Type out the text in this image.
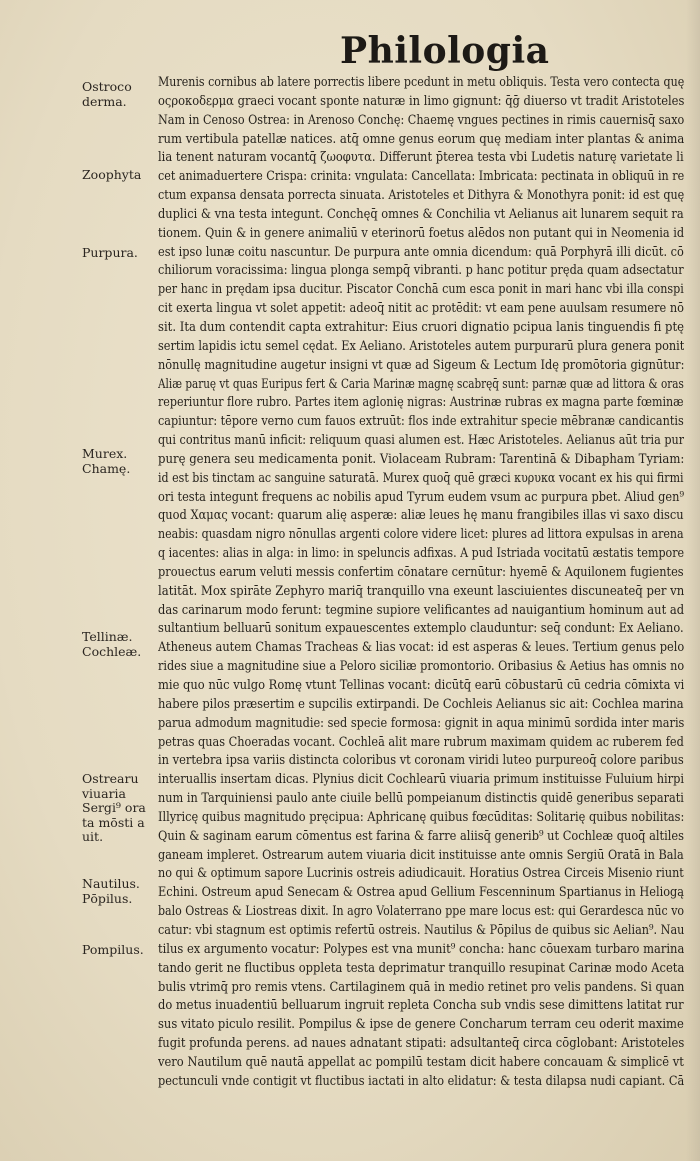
Philologia
Ostroco derma.
Zoophyta
Purpura.
Murex. Chamę.
Tellinæ. Cochleæ.
Ostrearu viuaria Sergi⁹ ora ta mōsti a uit.
Nautilus. Pōpilus.
Pompilus.
Murenis cornibus ab latere porrectis libere pcedunt in metu obliquis. Testa vero contecta quę
οςροκοδερμα graeci vocant sponte naturæ in limo gignunt: q̄ḡ diuerso vt tradit Aristoteles
Nam in Cenoso Ostrea: in Arenoso Conchę: Chaemę vngues pectines in rimis cauernisq̄ saxo
rum vertibula patellæ natices. atq̄ omne genus eorum quę mediam inter plantas & anima
lia tenent naturam vocantq̄ ζωοφυτα. Differunt p̄terea testa vbi Ludetis naturę varietate li
cet animaduertere Crispa: crinita: vngulata: Cancellata: Imbricata: pectinata in obliquū in re
ctum expansa densata porrecta sinuata. Aristoteles et Dithyra & Monothyra ponit: id est quę
duplici & vna testa integunt. Conchęq̄ omnes & Conchilia vt Aelianus ait lunarem sequit ra
tionem. Quin & in genere animaliū v eterinorū foetus alēdos non putant qui in Neomenia id
est ipso lunæ coitu nascuntur. De purpura ante omnia dicendum: quā Porphyrā illi dicūt. cō
chiliorum voracissima: lingua plonga sempq̄ vibranti. p hanc potitur pręda quam adsectatur
per hanc in prędam ipsa ducitur. Piscator Conchā cum esca ponit in mari hanc vbi illa conspi
cit exerta lingua vt solet appetit: adeoq̄ nitit ac protēdit: vt eam pene auulsam resumere nō
sit. Ita dum contendit capta extrahitur: Eius cruori dignatio pcipua lanis tinguendis fi ptę
sertim lapidis ictu semel cędat. Ex Aeliano. Aristoteles autem purpurarū plura genera ponit
nōnullę magnitudine augetur insigni vt quæ ad Sigeum & Lectum Idę promōtoria gignūtur:
Aliæ paruę vt quas Euripus fert & Caria Marinæ magnę scabręq̄ sunt: parnæ quæ ad littora & oras
reperiuntur flore rubro. Partes item aglonię nigras: Austrinæ rubras ex magna parte fœminæ
capiuntur: tēpore verno cum fauos extruūt: flos inde extrahitur specie mēbranæ candicantis
qui contritus manū inficit: reliquum quasi alumen est. Hæc Aristoteles. Aelianus aūt tria pur
purę genera seu medicamenta ponit. Violaceam Rubram: Tarentinā & Dibapham Tyriam:
id est bis tinctam ac sanguine saturatā. Murex quoq̄ quē græci κυρυκα vocant ex his qui firmi
ori testa integunt frequens ac nobilis apud Tyrum eudem vsum ac purpura pbet. Aliud gen⁹
quod Χαμας vocant: quarum alię asperæ: aliæ leues hę manu frangibiles illas vi saxo discu
neabis: quasdam nigro nōnullas argenti colore videre licet: plures ad littora expulsas in arena
q iacentes: alias in alga: in limo: in speluncis adfixas. A pud Istriada vocitatū æstatis tempore
prouectus earum veluti messis confertim cōnatare cernūtur: hyemē & Aquilonem fugientes
latitāt. Mox spirāte Zephyro mariq̄ tranquillo vna exeunt lasciuientes discuneateq̄ per vn
das carinarum modo ferunt: tegmine supiore velificantes ad nauigantium hominum aut ad
sultantium belluarū sonitum expauescentes extemplo clauduntur: seq̄ condunt: Ex Aeliano.
Atheneus autem Chamas Tracheas & lias vocat: id est asperas & leues. Tertium genus pelo
rides siue a magnitudine siue a Peloro siciliæ promontorio. Oribasius & Aetius has omnis no
mie quo nūc vulgo Romę vtunt Tellinas vocant: dicūtq̄ earū cōbustarū cū cedria cōmixta vi
habere pilos præsertim e supcilis extirpandi. De Cochleis Aelianus sic ait: Cochlea marina
parua admodum magnitudie: sed specie formosa: gignit in aqua minimū sordida inter maris
petras quas Choeradas vocant. Cochleā alit mare rubrum maximam quidem ac ruberem fed
in vertebra ipsa variis distincta coloribus vt coronam viridi luteo purpureoq̄ colore paribus
interuallis insertam dicas. Plynius dicit Cochlearū viuaria primum instituisse Fuluium hirpi
num in Tarquiniensi paulo ante ciuile bellū pompeianum distinctis quidē generibus separati
Illyricę quibus magnitudo pręcipua: Aphricanę quibus fœcūditas: Solitarię quibus nobilitas:
Quin & saginam earum cōmentus est farina & farre aliisq̄ generib⁹ ut Cochleæ quoq̄ altiles
ganeam impleret. Ostrearum autem viuaria dicit instituisse ante omnis Sergiū Oratā in Bala
no qui & optimum sapore Lucrinis ostreis adiudicauit. Horatius Ostrea Circeis Misenio riunt
Echini. Ostreum apud Senecam & Ostrea apud Gellium Fescenninum Spartianus in Heliogą
balo Ostreas & Liostreas dixit. In agro Volaterrano ppe mare locus est: qui Gerardesca nūc vo
catur: vbi stagnum est optimis refertū ostreis. Nautilus & Pōpilus de quibus sic Aelian⁹. Nau
tilus ex argumento vocatur: Polypes est vna munit⁹ concha: hanc cōuexam turbaro marina
tando gerit ne fluctibus oppleta testa deprimatur tranquillo resupinat Carinæ modo Aceta
bulis vtrimq̄ pro remis vtens. Cartilaginem quā in medio retinet pro velis pandens. Si quan
do metus inuadentiū belluarum ingruit repleta Concha sub vndis sese dimittens latitat rur
sus vitato piculo resilit. Pompilus & ipse de genere Concharum terram ceu oderit maxime
fugit profunda perens. ad naues adnatant stipati: adsultanteq̄ circa cōglobant: Aristoteles
vero Nautilum quē nautā appellat ac pompilū testam dicit habere concauam & simplicē vt
pectunculi vnde contigit vt fluctibus iactati in alto elidatur: & testa dilapsa nudi capiant. Cā
